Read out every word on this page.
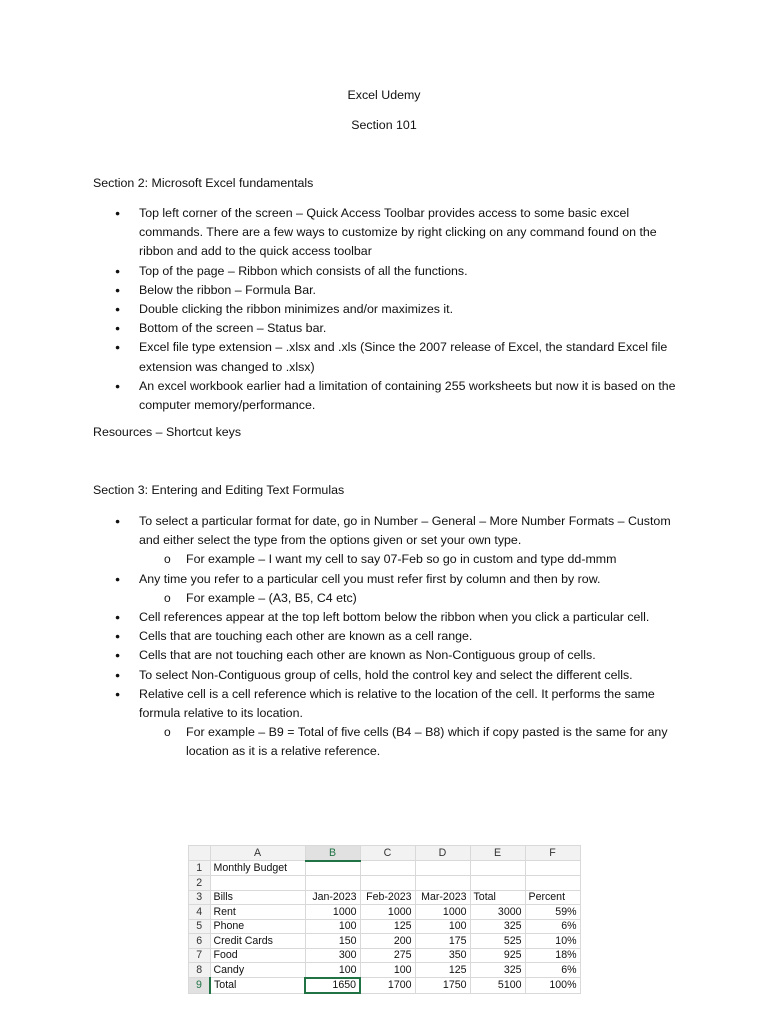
Excel Udemy
Section 101
Section 2: Microsoft Excel fundamentals
● Top left corner of the screen – Quick Access Toolbar provides access to some basic excel commands. There are a few ways to customize by right clicking on any command found on the ribbon and add to the quick access toolbar
● Top of the page – Ribbon which consists of all the functions.
● Below the ribbon – Formula Bar.
● Double clicking the ribbon minimizes and/or maximizes it.
● Bottom of the screen – Status bar.
● Excel file type extension – .xlsx and .xls (Since the 2007 release of Excel, the standard Excel file extension was changed to .xlsx)
● An excel workbook earlier had a limitation of containing 255 worksheets but now it is based on the computer memory/performance.
Resources – Shortcut keys
Section 3: Entering and Editing Text Formulas
● To select a particular format for date, go in Number – General – More Number Formats – Custom and either select the type from the options given or set your own type.
o For example – I want my cell to say 07-Feb so go in custom and type dd-mmm
● Any time you refer to a particular cell you must refer first by column and then by row.
o For example – (A3, B5, C4 etc)
● Cell references appear at the top left bottom below the ribbon when you click a particular cell.
● Cells that are touching each other are known as a cell range.
● Cells that are not touching each other are known as Non-Contiguous group of cells.
● To select Non-Contiguous group of cells, hold the control key and select the different cells.
● Relative cell is a cell reference which is relative to the location of the cell. It performs the same formula relative to its location.
o For example – B9 = Total of five cells (B4 – B8) which if copy pasted is the same for any location as it is a relative reference.
	A	B	C	D	E	F
1	Monthly Budget					
2						
3	Bills	Jan-2023	Feb-2023	Mar-2023	Total	Percent
4	Rent	1000	1000	1000	3000	59%
5	Phone	100	125	100	325	6%
6	Credit Cards	150	200	175	525	10%
7	Food	300	275	350	925	18%
8	Candy	100	100	125	325	6%
9	Total	1650	1700	1750	5100	100%
